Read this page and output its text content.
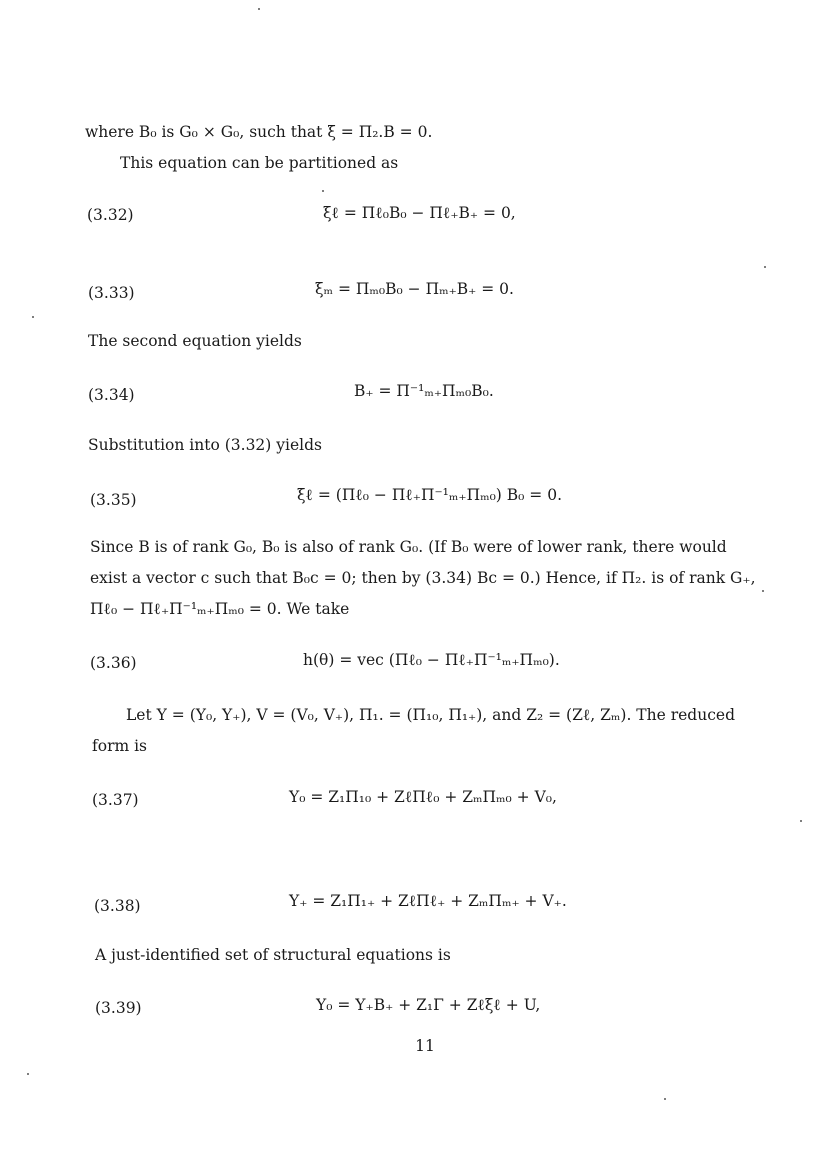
where B₀ is G₀ × G₀, such that ξ = Π₂.B = 0.
This equation can be partitioned as
(3.32)	ξℓ = Πℓ₀B₀ − Πℓ₊B₊ = 0,
(3.33)	ξₘ = Πₘ₀B₀ − Πₘ₊B₊ = 0.
The second equation yields
(3.34)	B₊ = Π⁻¹ₘ₊Πₘ₀B₀.
Substitution into (3.32) yields
(3.35)	ξℓ = (Πℓ₀ − Πℓ₊Π⁻¹ₘ₊Πₘ₀) B₀ = 0.
Since B is of rank G₀, B₀ is also of rank G₀. (If B₀ were of lower rank, there would
exist a vector c such that B₀c = 0; then by (3.34) Bc = 0.) Hence, if Π₂. is of rank G₊,
Πℓ₀ − Πℓ₊Π⁻¹ₘ₊Πₘ₀ = 0. We take
(3.36)	h(θ) = vec (Πℓ₀ − Πℓ₊Π⁻¹ₘ₊Πₘ₀).
Let Y = (Y₀, Y₊), V = (V₀, V₊), Π₁. = (Π₁₀, Π₁₊), and Z₂ = (Zℓ, Zₘ). The reduced
form is
(3.37)	Y₀ = Z₁Π₁₀ + ZℓΠℓ₀ + ZₘΠₘ₀ + V₀,
(3.38)	Y₊ = Z₁Π₁₊ + ZℓΠℓ₊ + ZₘΠₘ₊ + V₊.
A just-identified set of structural equations is
(3.39)	Y₀ = Y₊B₊ + Z₁Γ + Zℓξℓ + U,
11
